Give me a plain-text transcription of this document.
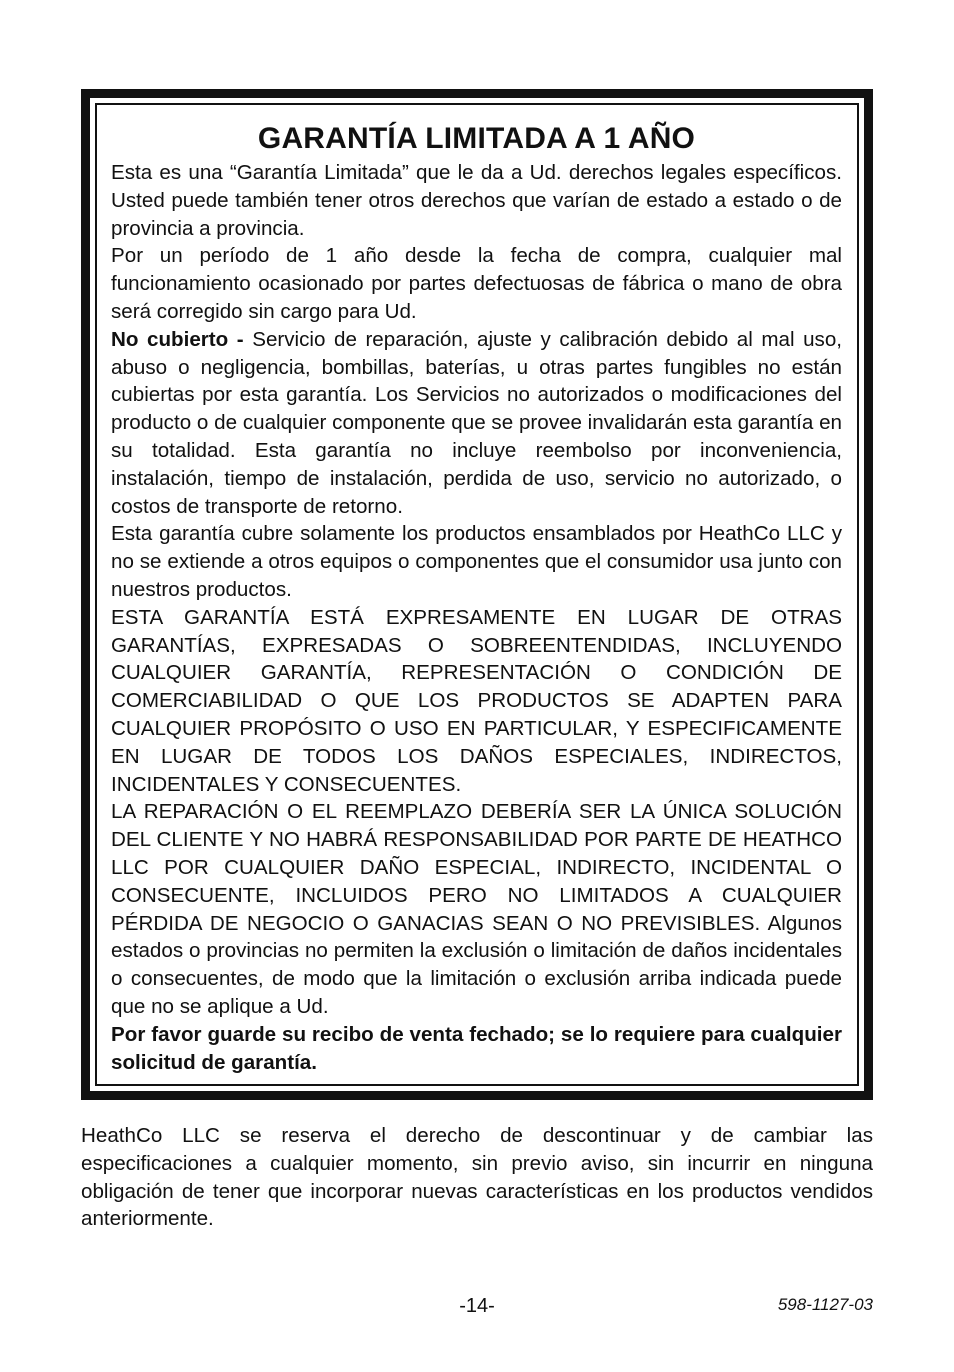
GARANTÍA LIMITADA A 1 AÑO

Esta es una “Garantía Limitada” que le da a Ud. derechos legales específicos. Usted puede también tener otros derechos que varían de estado a estado o de provincia a provincia.

Por un período de 1 año desde la fecha de compra, cualquier mal funcionamiento ocasionado por partes defectuosas de fábrica o mano de obra será corregido sin cargo para Ud.

No cubierto - Servicio de reparación, ajuste y calibración debido al mal uso, abuso o negligencia, bombillas, baterías, u otras partes fungibles no están cubiertas por esta garantía. Los Servicios no autorizados o modificaciones del producto o de cualquier componente que se provee invalidarán esta garantía en su totalidad. Esta garantía no incluye reembolso por inconveniencia, instalación, tiempo de instalación, perdida de uso, servicio no autorizado, o costos de transporte de retorno.

Esta garantía cubre solamente los productos ensamblados por HeathCo LLC y no se extiende a otros equipos o componentes que el consumidor usa junto con nuestros productos.

ESTA GARANTÍA ESTÁ EXPRESAMENTE EN LUGAR DE OTRAS GARANTÍAS, EXPRESADAS O SOBREENTENDIDAS, INCLUYENDO CUALQUIER GARANTÍA, REPRESENTACIÓN O CONDICIÓN DE COMERCIABILIDAD O QUE LOS PRODUCTOS SE ADAPTEN PARA CUALQUIER PROPÓSITO O USO EN PARTICULAR, Y ESPECIFICAMENTE EN LUGAR DE TODOS LOS DAÑOS ESPECIALES, INDIRECTOS, INCIDENTALES Y CONSECUENTES.

LA REPARACIÓN O EL REEMPLAZO DEBERÍA SER LA ÚNICA SOLUCIÓN DEL CLIENTE Y NO HABRÁ RESPONSABILIDAD POR PARTE DE HEATHCO LLC POR CUALQUIER DAÑO ESPECIAL, INDIRECTO, INCIDENTAL O CONSECUENTE, INCLUIDOS PERO NO LIMITADOS A CUALQUIER PÉRDIDA DE NEGOCIO O GANACIAS SEAN O NO PREVISIBLES. Algunos estados o provincias no permiten la exclusión o limitación de daños incidentales o consecuentes, de modo que la limitación o exclusión arriba indicada puede que no se aplique a Ud.

Por favor guarde su recibo de venta fechado; se lo requiere para cualquier solicitud de garantía.

HeathCo LLC se reserva el derecho de descontinuar y de cambiar las especificaciones a cualquier momento, sin previo aviso, sin incurrir en ninguna obligación de tener que incorporar nuevas características en los productos vendidos anteriormente.

-14-	598-1127-03
